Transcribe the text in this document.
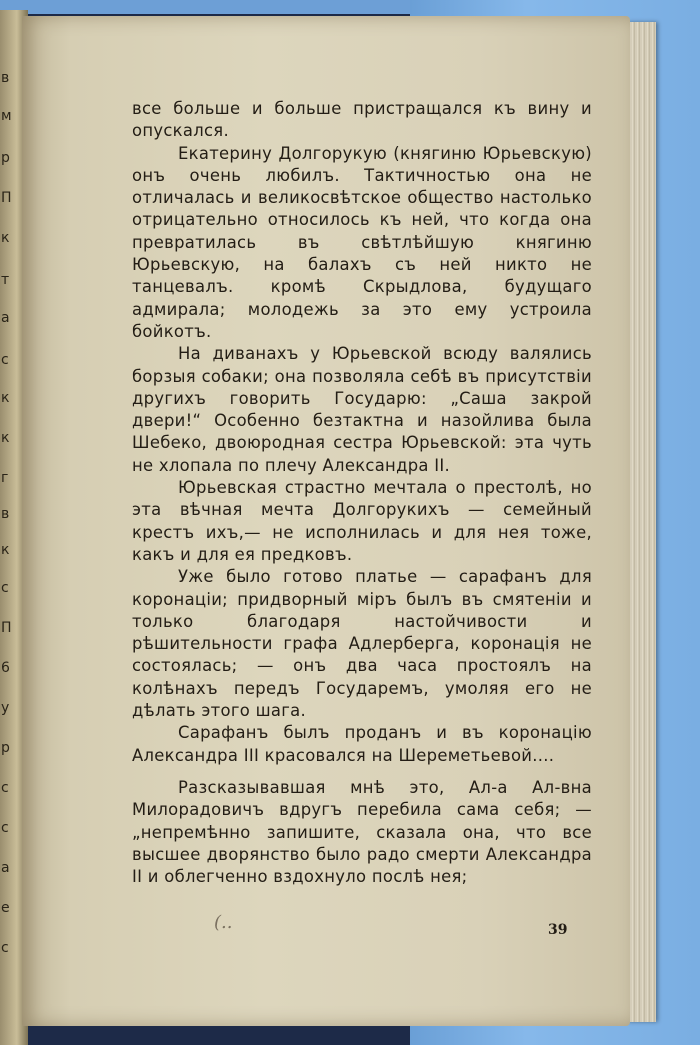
в
м
р
П
к
т
а
с
к
к
г
в
к
с
П
6
у
р
с
с
а
е
с

все больше и больше пристращался къ вину и опускался.

Екатерину Долгорукую (княгиню Юрьевскую) онъ очень любилъ. Тактичностью она не отличалась и великосвѣтское общество настолько отрицательно относилось къ ней, что когда она превратилась въ свѣтлѣйшую княгиню Юрьевскую, на балахъ съ ней никто не танцевалъ. кромѣ Скрыдлова, будущаго адмирала; молодежь за это ему устроила бойкотъ.

На диванахъ у Юрьевской всюду валялись борзыя собаки; она позволяла себѣ въ присутствіи другихъ говорить Государю: „Саша закрой двери!“ Особенно безтактна и назойлива была Шебеко, двоюродная сестра Юрьевской: эта чуть не хлопала по плечу Александра II.

Юрьевская страстно мечтала о престолѣ, но эта вѣчная мечта Долгорукихъ — семейный крестъ ихъ,— не исполнилась и для нея тоже, какъ и для ея предковъ.

Уже было готово платье — сарафанъ для коронаціи; придворный міръ былъ въ смятеніи и только благодаря настойчивости и рѣшительности графа Адлерберга, коронація не состоялась; — онъ два часа простоялъ на колѣнахъ передъ Государемъ, умоляя его не дѣлать этого шага.

Сарафанъ былъ проданъ и въ коронацію Александра III красовался на Шереметьевой....

Разсказывавшая мнѣ это, Ал-а Ал-вна Милорадовичъ вдругъ перебила сама себя; — „непремѣнно запишите, сказала она, что все высшее дворянство было радо смерти Александра II и облегченно вздохнуло послѣ нея;

(..	39
